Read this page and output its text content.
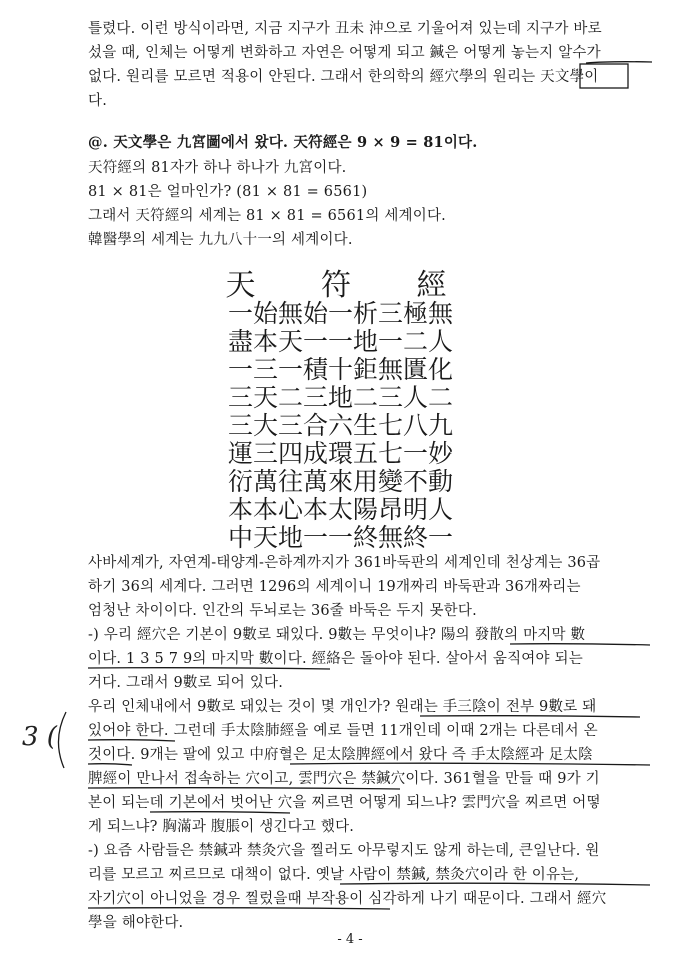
틀렸다. 이런 방식이라면, 지금 지구가 丑未 沖으로 기울어져 있는데 지구가 바로
섰을 때, 인체는 어떻게 변화하고 자연은 어떻게 되고 鍼은 어떻게 놓는지 알수가
없다. 원리를 모르면 적용이 안된다. 그래서 한의학의 經穴學의 원리는 天文學이
다.
@. 天文學은 九宮圖에서 왔다. 天符經은 9 × 9 = 81이다.
天符經의 81자가 하나 하나가 九宮이다.
81 × 81은 얼마인가? (81 × 81 = 6561)
그래서 天符經의 세계는 81 × 81 = 6561의 세계이다.
韓醫學의 세계는 九九八十一의 세계이다.
天 符 經
一始無始一析三極無
盡本天一一地一二人
一三一積十鉅無匱化
三天二三地二三人二
三大三合六生七八九
運三四成環五七一妙
衍萬往萬來用變不動
本本心本太陽昂明人
中天地一一終無終一
사바세계가, 자연계-태양계-은하계까지가 361바둑판의 세계인데 천상계는 36곱
하기 36의 세계다. 그러면 1296의 세계이니 19개짜리 바둑판과 36개짜리는
엄청난 차이이다. 인간의 두뇌로는 36줄 바둑은 두지 못한다.
-) 우리 經穴은 기본이 9數로 돼있다. 9數는 무엇이냐? 陽의 發散의 마지막 數
이다. 1 3 5 7 9의 마지막 數이다. 經絡은 돌아야 된다. 살아서 움직여야 되는
거다. 그래서 9數로 되어 있다.
우리 인체내에서 9數로 돼있는 것이 몇 개인가? 원래는 手三陰이 전부 9數로 돼
있어야 한다. 그런데 手太陰肺經을 예로 들면 11개인데 이때 2개는 다른데서 온
것이다. 9개는 팔에 있고 中府혈은 足太陰脾經에서 왔다 즉 手太陰經과 足太陰
脾經이 만나서 접속하는 穴이고, 雲門穴은 禁鍼穴이다. 361혈을 만들 때 9가 기
본이 되는데 기본에서 벗어난 穴을 찌르면 어떻게 되느냐? 雲門穴을 찌르면 어떻
게 되느냐? 胸滿과 腹脹이 생긴다고 했다.
-) 요즘 사람들은 禁鍼과 禁灸穴을 찔러도 아무렇지도 않게 하는데, 큰일난다. 원
리를 모르고 찌르므로 대책이 없다. 옛날 사람이 禁鍼, 禁灸穴이라 한 이유는,
자기穴이 아니었을 경우 찔렀을때 부작용이 심각하게 나기 때문이다. 그래서 經穴
學을 해야한다.
3 (
- 4 -
